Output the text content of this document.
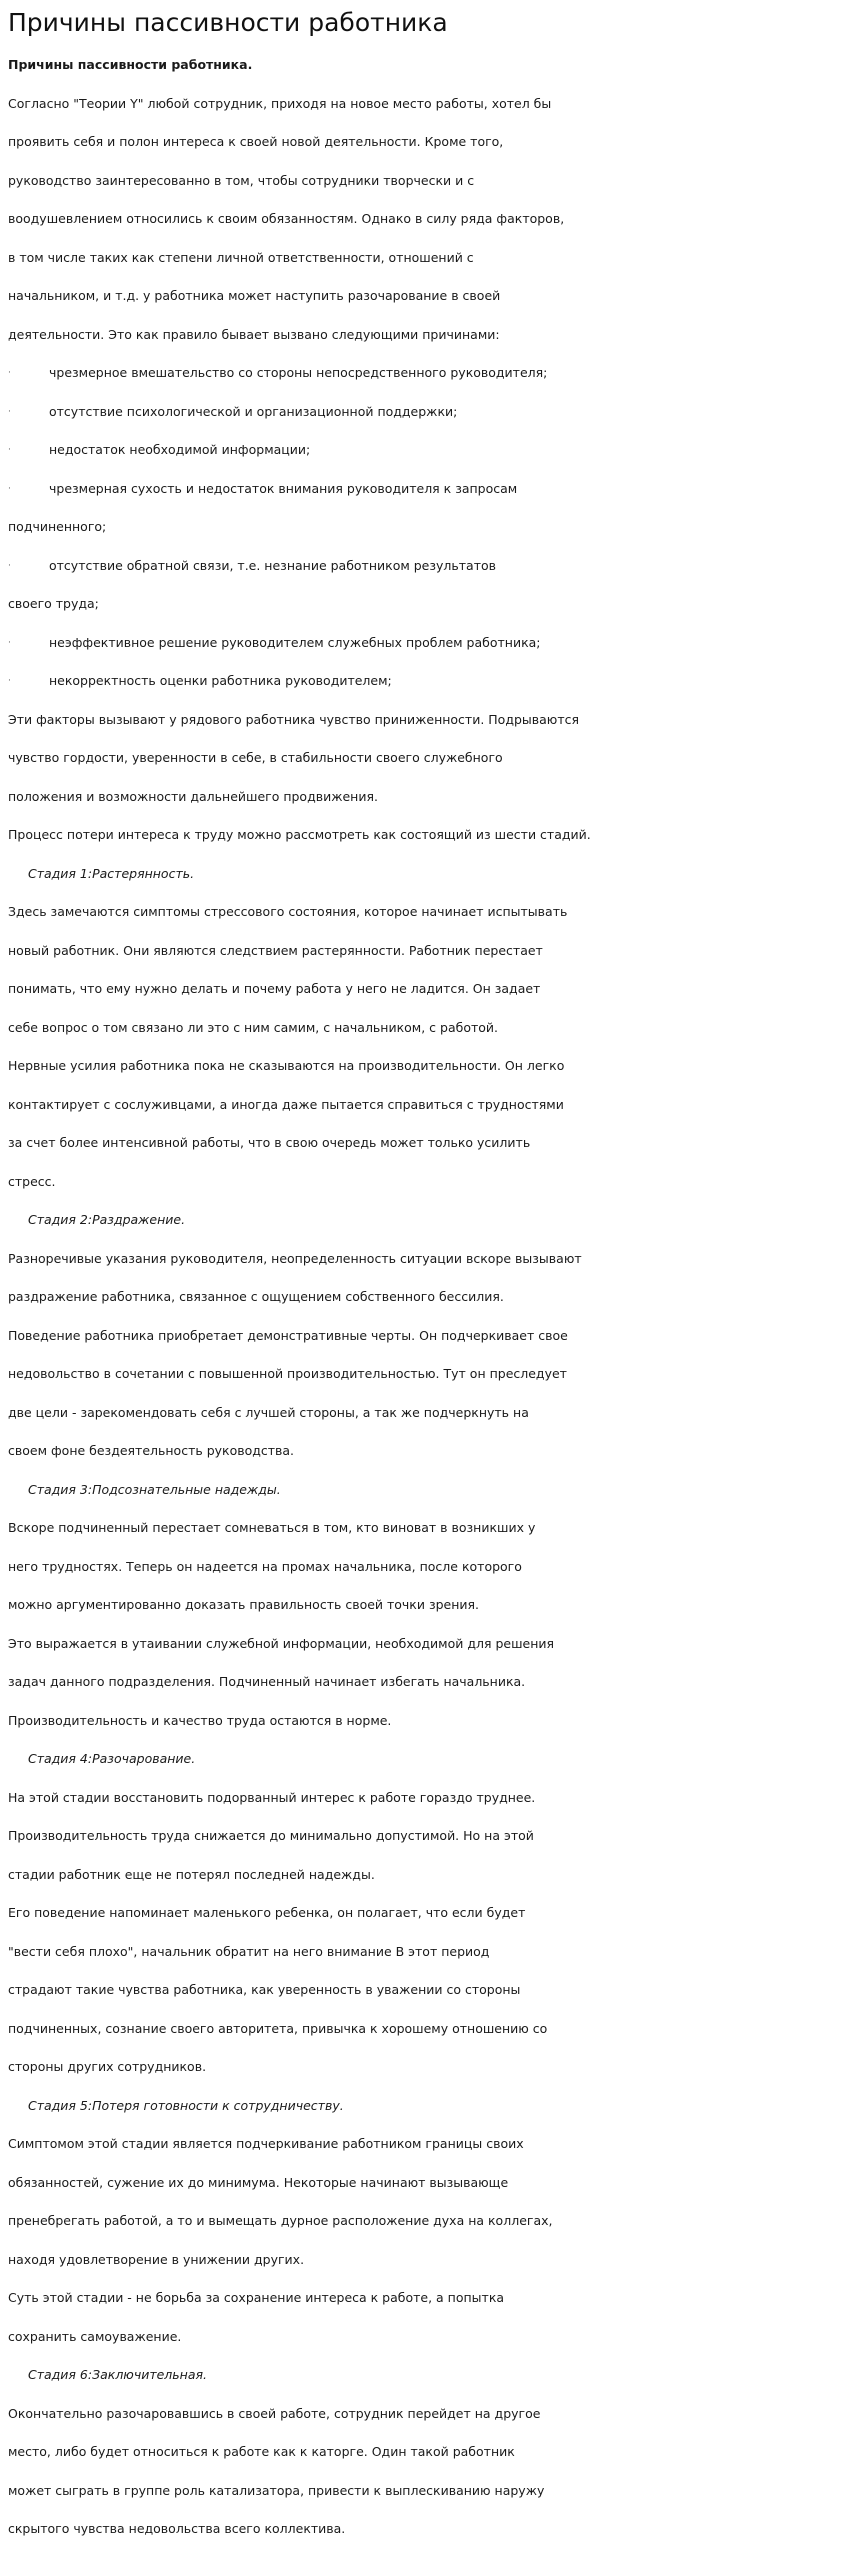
Причины пассивности работника
Причины пассивности работника.
Согласно "Теории Y" любой сотрудник, приходя на новое место работы, хотел бы
проявить себя и полон интереса к своей новой деятельности. Кроме того,
руководство заинтересованно в том, чтобы сотрудники творчески и с
воодушевлением относились к своим обязанностям. Однако в силу ряда факторов,
в том числе таких как степени личной ответственности, отношений с
начальником, и т.д. у работника может наступить разочарование в своей
деятельности. Это как правило бывает вызвано следующими причинами:
·	чрезмерное вмешательство со стороны непосредственного руководителя;
·	отсутствие психологической и организационной поддержки;
·	недостаток необходимой информации;
·	чрезмерная сухость и недостаток внимания руководителя к запросам
подчиненного;
·	отсутствие обратной связи, т.е. незнание работником результатов
своего труда;
·	неэффективное решение руководителем служебных проблем работника;
·	некорректность оценки работника руководителем;
Эти факторы вызывают у рядового работника чувство приниженности. Подрываются
чувство гордости, уверенности в себе, в стабильности своего служебного
положения и возможности дальнейшего продвижения.
Процесс потери интереса к труду можно рассмотреть как состоящий из шести стадий.
Стадия 1:Растерянность.
Здесь замечаются симптомы стрессового состояния, которое начинает испытывать
новый работник. Они являются следствием растерянности. Работник перестает
понимать, что ему нужно делать и почему работа у него не ладится. Он задает
себе вопрос о том связано ли это с ним самим, с начальником, с работой.
Нервные усилия работника пока не сказываются на производительности. Он легко
контактирует с сослуживцами, а иногда даже пытается справиться с трудностями
за счет более интенсивной работы, что в свою очередь может только усилить
стресс.
Стадия 2:Раздражение.
Разноречивые указания руководителя, неопределенность ситуации вскоре вызывают
раздражение работника, связанное с ощущением собственного бессилия.
Поведение работника приобретает демонстративные черты. Он подчеркивает свое
недовольство в сочетании с повышенной производительностью. Тут он преследует
две цели - зарекомендовать себя с лучшей стороны, а так же подчеркнуть на
своем фоне бездеятельность руководства.
Стадия 3:Подсознательные надежды.
Вскоре подчиненный перестает сомневаться в том, кто виноват в возникших у
него трудностях. Теперь он надеется на промах начальника, после которого
можно аргументированно доказать правильность своей точки зрения.
Это выражается в утаивании служебной информации, необходимой для решения
задач данного подразделения. Подчиненный начинает избегать начальника.
Производительность и качество труда остаются в норме.
Стадия 4:Разочарование.
На этой стадии восстановить подорванный интерес к работе гораздо труднее.
Производительность труда снижается до минимально допустимой. Но на этой
стадии работник еще не потерял последней надежды.
Его поведение напоминает маленького ребенка, он полагает, что если будет
"вести себя плохо", начальник обратит на него внимание В этот период
страдают такие чувства работника, как уверенность в уважении со стороны
подчиненных, сознание своего авторитета, привычка к хорошему отношению со
стороны других сотрудников.
Стадия 5:Потеря готовности к сотрудничеству.
Симптомом этой стадии является подчеркивание работником границы своих
обязанностей, сужение их до минимума. Некоторые начинают вызывающе
пренебрегать работой, а то и вымещать дурное расположение духа на коллегах,
находя удовлетворение в унижении других.
Суть этой стадии - не борьба за сохранение интереса к работе, а попытка
сохранить самоуважение.
Стадия 6:Заключительная.
Окончательно разочаровавшись в своей работе, сотрудник перейдет на другое
место, либо будет относиться к работе как к каторге. Один такой работник
может сыграть в группе роль катализатора, привести к выплескиванию наружу
скрытого чувства недовольства всего коллектива.
